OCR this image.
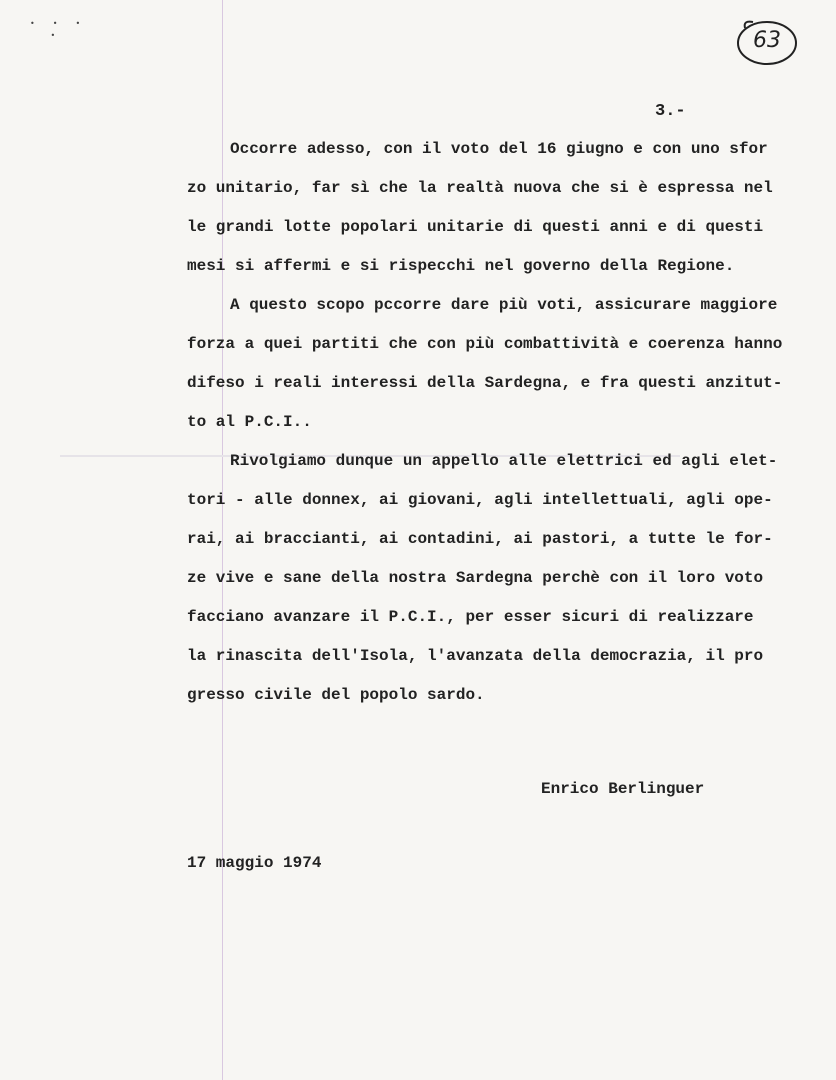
•••
•	63
3.-

Occorre adesso, con il voto del 16 giugno e con uno sfor

zo unitario, far sì che la realtà nuova che si è espressa nel

le grandi lotte popolari unitarie di questi anni e di questi

mesi si affermi e si rispecchi nel governo della Regione.

A questo scopo pccorre dare più voti, assicurare maggiore

forza a quei partiti che con più combattività e coerenza hanno

difeso i reali interessi della Sardegna, e fra questi anzitut-

to al P.C.I..

Rivolgiamo dunque un appello alle elettrici ed agli elet-

tori - alle donnex, ai giovani, agli intellettuali, agli ope-

rai, ai braccianti, ai contadini, ai pastori, a tutte le for-

ze vive e sane della nostra Sardegna perchè con il loro voto

facciano avanzare il P.C.I., per esser sicuri di realizzare

la rinascita dell'Isola, l'avanzata della democrazia, il pro

gresso civile del popolo sardo.

Enrico Berlinguer

17 maggio 1974
